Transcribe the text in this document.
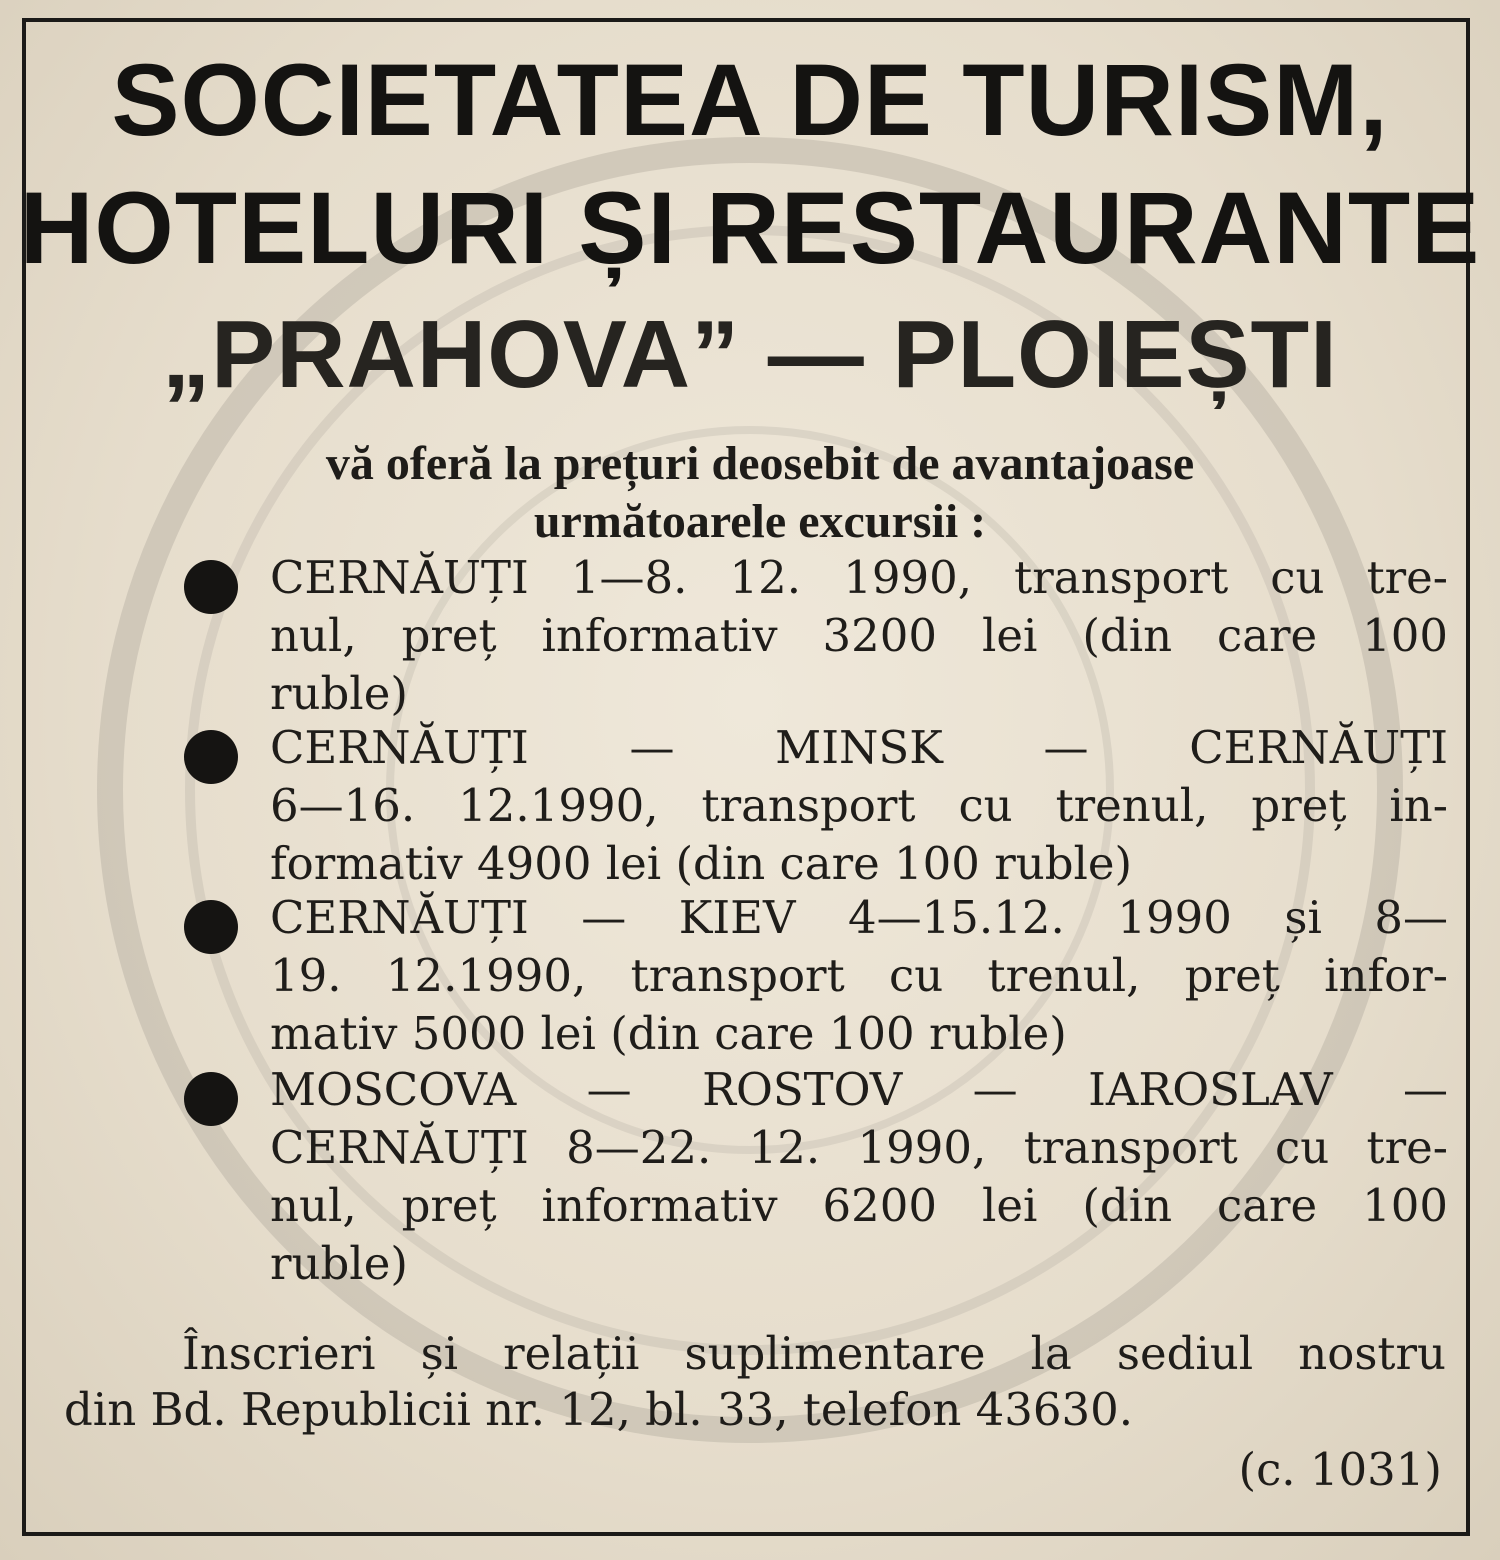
SOCIETATEA DE TURISM,
HOTELURI ȘI RESTAURANTE
„PRAHOVA” — PLOIEȘTI
vă oferă la prețuri deosebit de avantajoase
următoarele excursii :
CERNĂUȚI 1—8. 12. 1990, transport cu tre-
nul, preț informativ 3200 lei (din care 100
ruble)
CERNĂUȚI — MINSK — CERNĂUȚI
6—16. 12.1990, transport cu trenul, preț in-
formativ 4900 lei (din care 100 ruble)
CERNĂUȚI — KIEV 4—15.12. 1990 și 8—
19. 12.1990, transport cu trenul, preț infor-
mativ 5000 lei (din care 100 ruble)
MOSCOVA — ROSTOV — IAROSLAV —
CERNĂUȚI 8—22. 12. 1990, transport cu tre-
nul, preț informativ 6200 lei (din care 100
ruble)
Înscrieri și relații suplimentare la sediul nostru
din Bd. Republicii nr. 12, bl. 33, telefon 43630.
(c. 1031)
